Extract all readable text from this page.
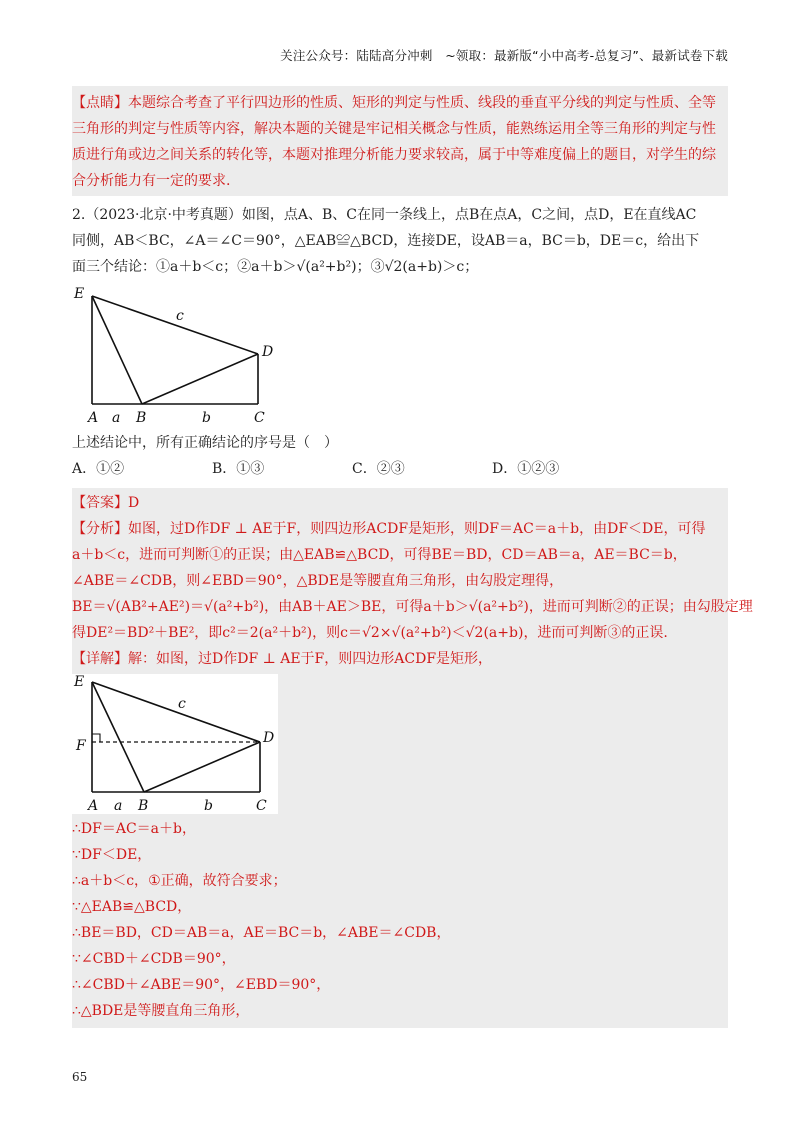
关注公众号：陆陆高分冲刺　~领取：最新版“小中高考-总复习”、最新试卷下载
【点睛】本题综合考查了平行四边形的性质、矩形的判定与性质、线段的垂直平分线的判定与性质、全等三角形的判定与性质等内容，解决本题的关键是牢记相关概念与性质，能熟练运用全等三角形的判定与性质进行角或边之间关系的转化等，本题对推理分析能力要求较高，属于中等难度偏上的题目，对学生的综合分析能力有一定的要求.
2.（2023·北京·中考真题）如图，点A、B、C在同一条线上，点B在点A，C之间，点D，E在直线AC
同侧，AB＜BC，∠A＝∠C＝90°，△EAB≌△BCD，连接DE，设AB＝a，BC＝b，DE＝c，给出下
面三个结论：①a＋b＜c；②a＋b＞√(a²+b²)；③√2(a+b)＞c；
E
D
A a B	b	C
c
上述结论中，所有正确结论的序号是（　）
A．①②	B．①③	C．②③	D．①②③
【答案】D
【分析】如图，过D作DF ⊥ AE于F，则四边形ACDF是矩形，则DF＝AC＝a＋b，由DF＜DE，可得
a＋b＜c，进而可判断①的正误；由△EAB≌△BCD，可得BE＝BD，CD＝AB＝a，AE＝BC＝b，
∠ABE＝∠CDB，则∠EBD＝90°，△BDE是等腰直角三角形，由勾股定理得，
BE＝√(AB²+AE²)＝√(a²+b²)，由AB＋AE＞BE，可得a＋b＞√(a²+b²)，进而可判断②的正误；由勾股定理
得DE²＝BD²＋BE²，即c²＝2(a²＋b²)，则c＝√2×√(a²+b²)＜√2(a+b)，进而可判断③的正误.
【详解】解：如图，过D作DF ⊥ AE于F，则四边形ACDF是矩形，
E
F	D
A a B	b	C
c
∴DF＝AC＝a＋b，
∵DF＜DE，
∴a＋b＜c，①正确，故符合要求；
∵△EAB≌△BCD，
∴BE＝BD，CD＝AB＝a，AE＝BC＝b，∠ABE＝∠CDB，
∵∠CBD＋∠CDB＝90°，
∴∠CBD＋∠ABE＝90°，∠EBD＝90°，
∴△BDE是等腰直角三角形，
65
